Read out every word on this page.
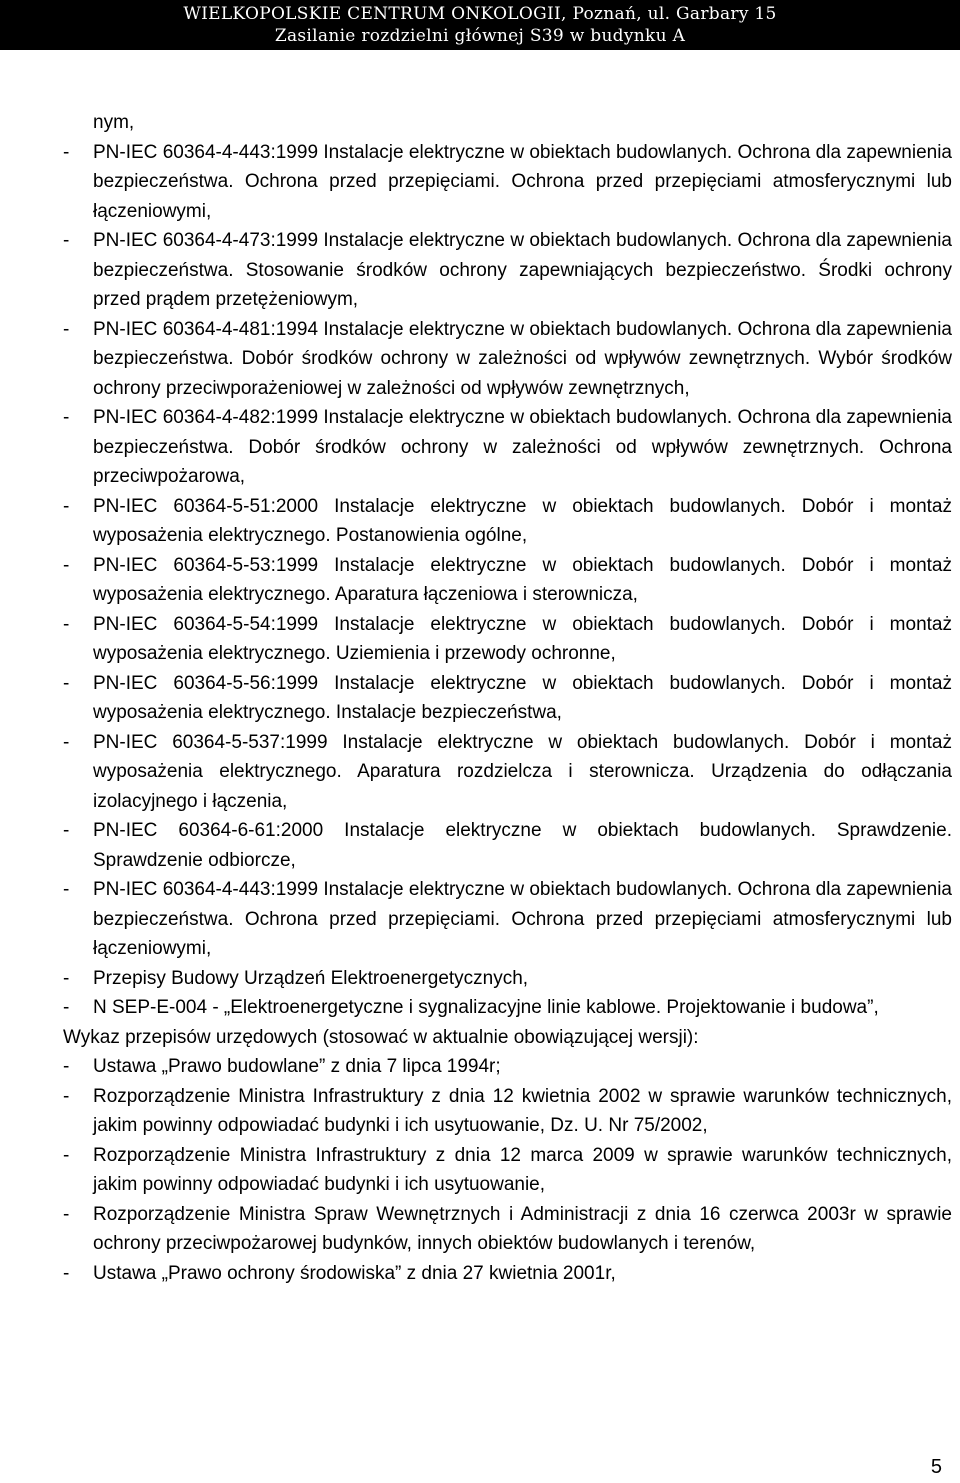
WIELKOPOLSKIE CENTRUM ONKOLOGII, Poznań, ul. Garbary 15
Zasilanie rozdzielni głównej S39 w budynku A
nym,
- PN-IEC 60364-4-443:1999 Instalacje elektryczne w obiektach budowlanych. Ochrona dla zapewnienia bezpieczeństwa. Ochrona przed przepięciami. Ochrona przed przepięciami atmosferycznymi lub łączeniowymi,
- PN-IEC 60364-4-473:1999 Instalacje elektryczne w obiektach budowlanych. Ochrona dla zapewnienia bezpieczeństwa. Stosowanie środków ochrony zapewniających bezpieczeństwo. Środki ochrony przed prądem przetężeniowym,
- PN-IEC 60364-4-481:1994 Instalacje elektryczne w obiektach budowlanych. Ochrona dla zapewnienia bezpieczeństwa. Dobór środków ochrony w zależności od wpływów zewnętrznych. Wybór środków ochrony przeciwporażeniowej w zależności od wpływów zewnętrznych,
- PN-IEC 60364-4-482:1999 Instalacje elektryczne w obiektach budowlanych. Ochrona dla zapewnienia bezpieczeństwa. Dobór środków ochrony w zależności od wpływów zewnętrznych. Ochrona przeciwpożarowa,
- PN-IEC 60364-5-51:2000 Instalacje elektryczne w obiektach budowlanych. Dobór i montaż wyposażenia elektrycznego. Postanowienia ogólne,
- PN-IEC 60364-5-53:1999 Instalacje elektryczne w obiektach budowlanych. Dobór i montaż wyposażenia elektrycznego. Aparatura łączeniowa i sterownicza,
- PN-IEC 60364-5-54:1999 Instalacje elektryczne w obiektach budowlanych. Dobór i montaż wyposażenia elektrycznego. Uziemienia i przewody ochronne,
- PN-IEC 60364-5-56:1999 Instalacje elektryczne w obiektach budowlanych. Dobór i montaż wyposażenia elektrycznego. Instalacje bezpieczeństwa,
- PN-IEC 60364-5-537:1999 Instalacje elektryczne w obiektach budowlanych. Dobór i montaż wyposażenia elektrycznego. Aparatura rozdzielcza i sterownicza. Urządzenia do odłączania izolacyjnego i łączenia,
- PN-IEC 60364-6-61:2000 Instalacje elektryczne w obiektach budowlanych. Sprawdzenie. Sprawdzenie odbiorcze,
- PN-IEC 60364-4-443:1999 Instalacje elektryczne w obiektach budowlanych. Ochrona dla zapewnienia bezpieczeństwa. Ochrona przed przepięciami. Ochrona przed przepięciami atmosferycznymi lub łączeniowymi,
- Przepisy Budowy Urządzeń Elektroenergetycznych,
- N SEP-E-004 - „Elektroenergetyczne i sygnalizacyjne linie kablowe. Projektowanie i budowa”,
Wykaz przepisów urzędowych (stosować w aktualnie obowiązującej wersji):
- Ustawa „Prawo budowlane” z dnia 7 lipca 1994r;
- Rozporządzenie Ministra Infrastruktury z dnia 12 kwietnia 2002 w sprawie warunków technicznych, jakim powinny odpowiadać budynki i ich usytuowanie, Dz. U. Nr 75/2002,
- Rozporządzenie Ministra Infrastruktury z dnia 12 marca 2009 w sprawie warunków technicznych, jakim powinny odpowiadać budynki i ich usytuowanie,
- Rozporządzenie Ministra Spraw Wewnętrznych i Administracji z dnia 16 czerwca 2003r w sprawie ochrony przeciwpożarowej budynków, innych obiektów budowlanych i terenów,
- Ustawa „Prawo ochrony środowiska” z dnia 27 kwietnia 2001r,
5
